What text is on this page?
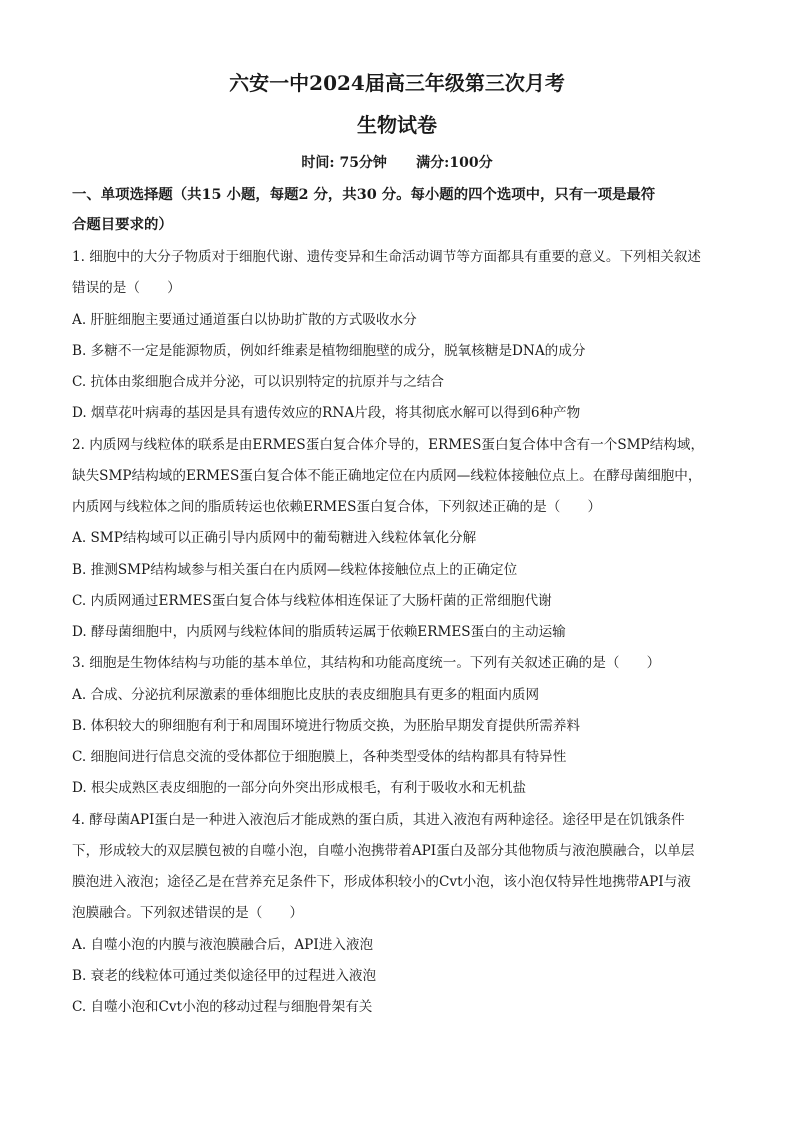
六安一中2024届高三年级第三次月考
生物试卷
时间: 75分钟      满分:100分
一、单项选择题（共15 小题，每题2 分，共30 分。每小题的四个选项中，只有一项是最符
合题目要求的）
1. 细胞中的大分子物质对于细胞代谢、遗传变异和生命活动调节等方面都具有重要的意义。下列相关叙述
错误的是（　　）
A. 肝脏细胞主要通过通道蛋白以协助扩散的方式吸收水分
B. 多糖不一定是能源物质，例如纤维素是植物细胞壁的成分，脱氧核糖是DNA的成分
C. 抗体由浆细胞合成并分泌，可以识别特定的抗原并与之结合
D. 烟草花叶病毒的基因是具有遗传效应的RNA片段，将其彻底水解可以得到6种产物
2. 内质网与线粒体的联系是由ERMES蛋白复合体介导的，ERMES蛋白复合体中含有一个SMP结构域，
缺失SMP结构域的ERMES蛋白复合体不能正确地定位在内质网—线粒体接触位点上。在酵母菌细胞中，
内质网与线粒体之间的脂质转运也依赖ERMES蛋白复合体，下列叙述正确的是（　　）
A. SMP结构域可以正确引导内质网中的葡萄糖进入线粒体氧化分解
B. 推测SMP结构域参与相关蛋白在内质网—线粒体接触位点上的正确定位
C. 内质网通过ERMES蛋白复合体与线粒体相连保证了大肠杆菌的正常细胞代谢
D. 酵母菌细胞中，内质网与线粒体间的脂质转运属于依赖ERMES蛋白的主动运输
3. 细胞是生物体结构与功能的基本单位，其结构和功能高度统一。下列有关叙述正确的是（　　）
A. 合成、分泌抗利尿激素的垂体细胞比皮肤的表皮细胞具有更多的粗面内质网
B. 体积较大的卵细胞有利于和周围环境进行物质交换，为胚胎早期发育提供所需养料
C. 细胞间进行信息交流的受体都位于细胞膜上，各种类型受体的结构都具有特异性
D. 根尖成熟区表皮细胞的一部分向外突出形成根毛，有利于吸收水和无机盐
4. 酵母菌API蛋白是一种进入液泡后才能成熟的蛋白质，其进入液泡有两种途径。途径甲是在饥饿条件
下，形成较大的双层膜包被的自噬小泡，自噬小泡携带着API蛋白及部分其他物质与液泡膜融合，以单层
膜泡进入液泡；途径乙是在营养充足条件下，形成体积较小的Cvt小泡，该小泡仅特异性地携带API与液
泡膜融合。下列叙述错误的是（　　）
A. 自噬小泡的内膜与液泡膜融合后，API进入液泡
B. 衰老的线粒体可通过类似途径甲的过程进入液泡
C. 自噬小泡和Cvt小泡的移动过程与细胞骨架有关
